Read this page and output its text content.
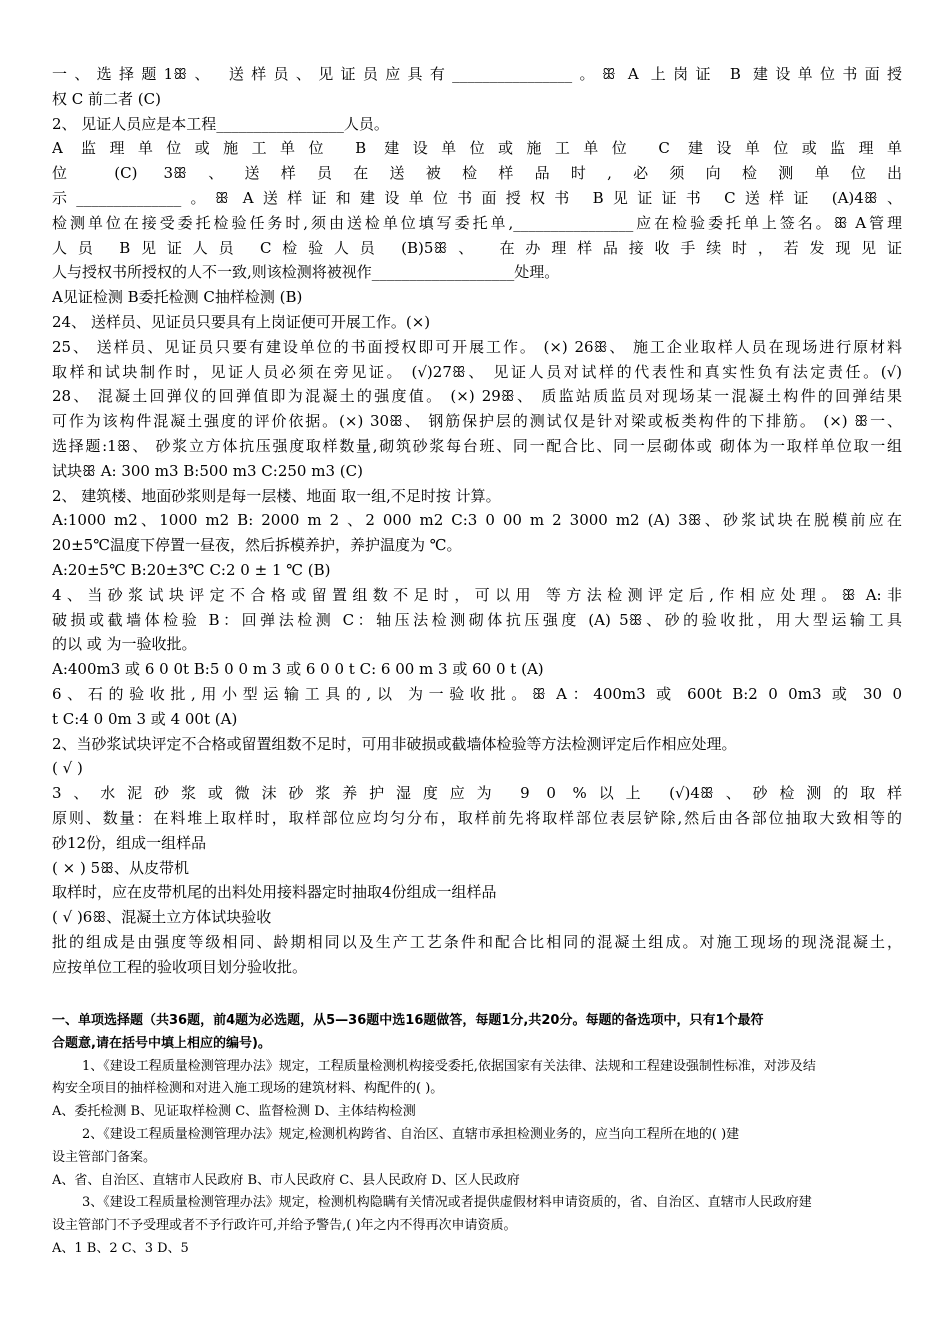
一、选择题1ꕥ、 送样员、见证员应具有________________。ꕥ A 上岗证 B 建设单位书面授
权 C 前二者 (C)
2、 见证人员应是本工程_________________人员。
A 监理单位或施工单位 B 建设单位或施工单位 C 建设单位或监理单
位 (C) 3ꕥ、送样员在送被检样品时,必须向检测单位出
示______________。ꕥ A送样证和建设单位书面授权书 B见证证书 C送样证 (A)4ꕥ、
检测单位在接受委托检验任务时,须由送检单位填写委托单,________________应在检验委托单上签名。ꕥ A管理
人员 B见证人员 C检验人员 (B)5ꕥ、 在办理样品接收手续时，若发现见证
人与授权书所授权的人不一致,则该检测将被视作___________________处理。
A见证检测 B委托检测 C抽样检测 (B)
24、 送样员、见证员只要具有上岗证便可开展工作。(×)
25、 送样员、见证员只要有建设单位的书面授权即可开展工作。 (×) 26ꕥ、 施工企业取样人员在现场进行原材料
取样和试块制作时，见证人员必须在旁见证。 (√)27ꕥ、 见证人员对试样的代表性和真实性负有法定责任。(√)
28、 混凝土回弹仪的回弹值即为混凝土的强度值。 (×) 29ꕥ、 质监站质监员对现场某一混凝土构件的回弹结果
可作为该构件混凝土强度的评价依据。(×) 30ꕥ、 钢筋保护层的测试仅是针对梁或板类构件的下排筋。 (×) ꕥ一、
选择题:1ꕥ、 砂浆立方体抗压强度取样数量,砌筑砂浆每台班、同一配合比、同一层砌体或 砌体为一取样单位取一组
试块ꕥ A: 300 m3 B:500 m3 C:250 m3 (C)
2、 建筑楼、地面砂浆则是每一层楼、地面 取一组,不足时按 计算。
A:1000 m2、1000 m2 B: 2000 m 2 、2 000 m2 C:3 0 00 m 2 3000 m2 (A) 3ꕥ、砂浆试块在脱模前应在
20±5℃温度下停置一昼夜，然后拆模养护，养护温度为 ℃。
A:20±5℃ B:20±3℃ C:2 0 ± 1 ℃ (B)
4、当砂浆试块评定不合格或留置组数不足时，可以用 等方法检测评定后,作相应处理。ꕥ A:非
破损或截墙体检验 B：回弹法检测 C：轴压法检测砌体抗压强度 (A) 5ꕥ、砂的验收批，用大型运输工具
的以 或 为一验收批。
A:400m3 或 6 0 0t B:5 0 0 m 3 或 6 0 0 t C: 6 00 m 3 或 60 0 t (A)
6、石的验收批,用小型运输工具的,以 为一验收批。ꕥ A：400m3 或 600t B:2 0 0m3 或 30 0
t C:4 0 0m 3 或 4 00t (A)
2、当砂浆试块评定不合格或留置组数不足时，可用非破损或截墙体检验等方法检测评定后作相应处理。
( √ )
3、水泥砂浆或微沫砂浆养护湿度应为 9 0 %以上 (√)4ꕥ、砂检测的取样
原则、数量：在料堆上取样时，取样部位应均匀分布，取样前先将取样部位表层铲除,然后由各部位抽取大致相等的
砂12份，组成一组样品
( × ) 5ꕥ、从皮带机
取样时，应在皮带机尾的出料处用接料器定时抽取4份组成一组样品
( √ )6ꕥ、混凝土立方体试块验收
批的组成是由强度等级相同、龄期相同以及生产工艺条件和配合比相同的混凝土组成。对施工现场的现浇混凝土，
应按单位工程的验收项目划分验收批。
一、单项选择题（共36题，前4题为必选题，从5—36题中选16题做答，每题1分,共20分。每题的备选项中，只有1个最符
合题意,请在括号中填上相应的编号)。
1、《建设工程质量检测管理办法》规定，工程质量检测机构接受委托,依据国家有关法律、法规和工程建设强制性标准，对涉及结
构安全项目的抽样检测和对进入施工现场的建筑材料、构配件的( )。
A、委托检测 B、见证取样检测 C、监督检测 D、主体结构检测
2、《建设工程质量检测管理办法》规定,检测机构跨省、自治区、直辖市承担检测业务的，应当向工程所在地的( )建
设主管部门备案。
A、省、自治区、直辖市人民政府 B、市人民政府 C、县人民政府 D、区人民政府
3、《建设工程质量检测管理办法》规定，检测机构隐瞒有关情况或者提供虚假材料申请资质的，省、自治区、直辖市人民政府建
设主管部门不予受理或者不予行政许可,并给予警告,( )年之内不得再次申请资质。
A、1 B、2 C、3 D、5
